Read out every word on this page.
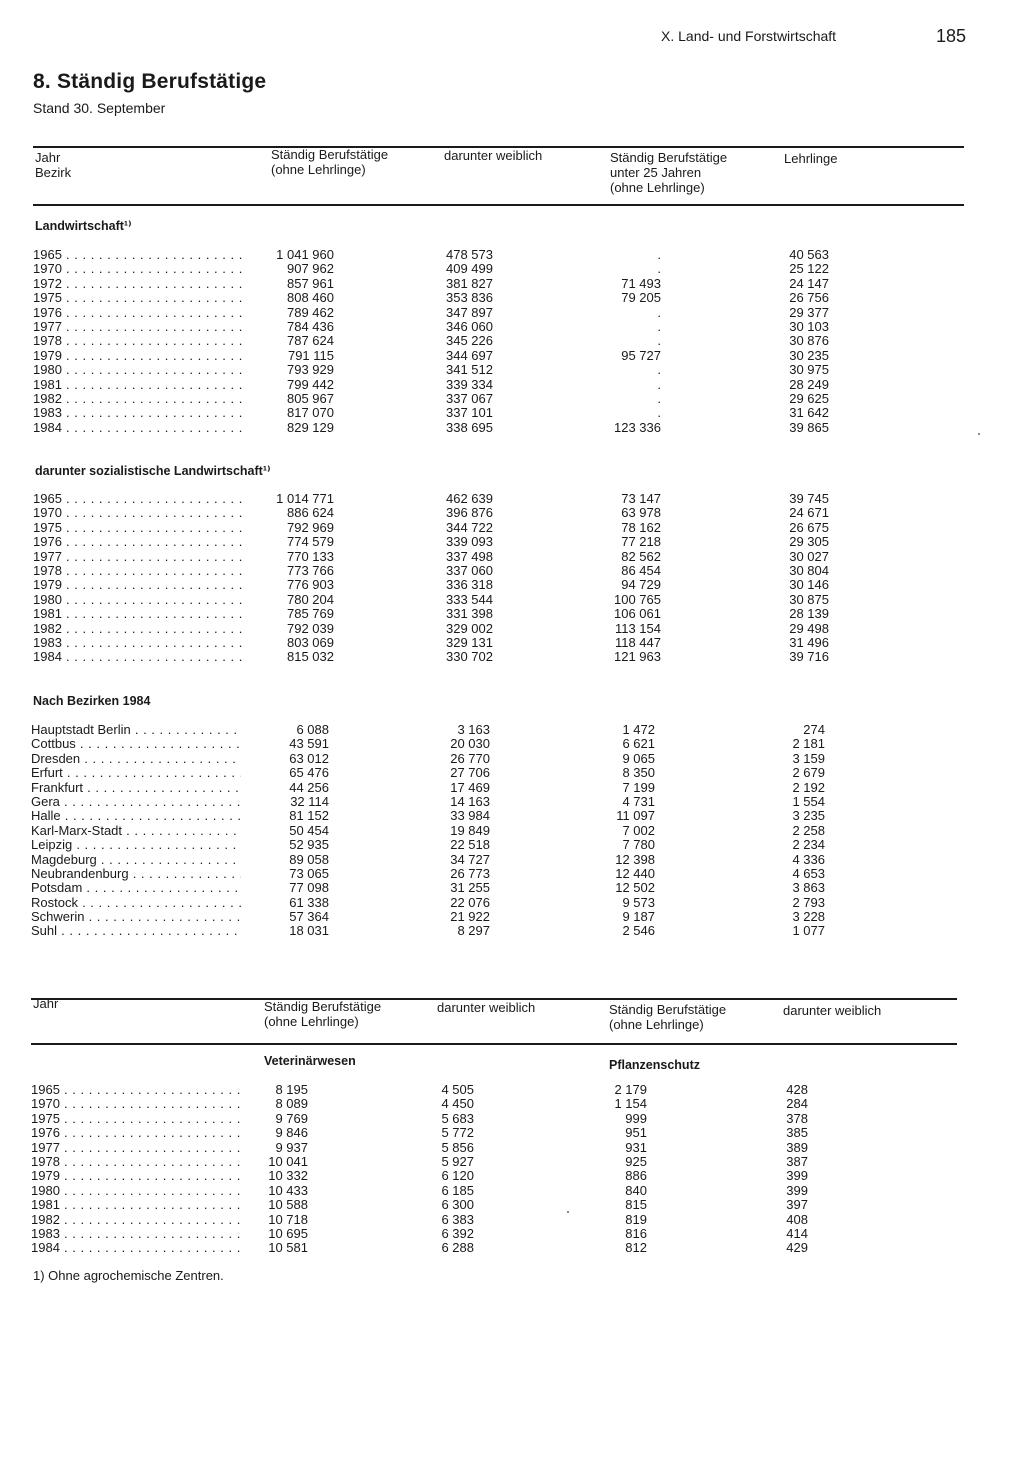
X. Land- und Forstwirtschaft	185
8. Ständig Berufstätige
Stand 30. September
Jahr
Bezirk
Ständig Berufstätige
(ohne Lehrlinge)
darunter weiblich	Ständig Berufstätige
unter 25 Jahren
(ohne Lehrlinge)
Lehrlinge
Landwirtschaft¹⁾
1965 . . .	1 041 960	478 573	.	40 563
1970 . . .	907 962	409 499	.	25 122
1972 . . .	857 961	381 827	71 493	24 147
1975 . . .	808 460	353 836	79 205	26 756
1976 . . .	789 462	347 897	.	29 377
1977 . . .	784 436	346 060	.	30 103
1978 . . .	787 624	345 226	.	30 876
1979 . . .	791 115	344 697	95 727	30 235
1980 . . .	793 929	341 512	.	30 975
1981 . . .	799 442	339 334	.	28 249
1982 . . .	805 967	337 067	.	29 625
1983 . . .	817 070	337 101	.	31 642
1984 . . .	829 129	338 695	123 336	39 865
darunter sozialistische Landwirtschaft¹⁾
1965 . . .	1 014 771	462 639	73 147	39 745
1970 . . .	886 624	396 876	63 978	24 671
1975 . . .	792 969	344 722	78 162	26 675
1976 . . .	774 579	339 093	77 218	29 305
1977 . . .	770 133	337 498	82 562	30 027
1978 . . .	773 766	337 060	86 454	30 804
1979 . . .	776 903	336 318	94 729	30 146
1980 . . .	780 204	333 544	100 765	30 875
1981 . . .	785 769	331 398	106 061	28 139
1982 . . .	792 039	329 002	113 154	29 498
1983 . . .	803 069	329 131	118 447	31 496
1984 . . .	815 032	330 702	121 963	39 716
Nach Bezirken 1984
Hauptstadt Berlin . . .	6 088	3 163	1 472	274
Cottbus . . .	43 591	20 030	6 621	2 181
Dresden . . .	63 012	26 770	9 065	3 159
Erfurt . . .	65 476	27 706	8 350	2 679
Frankfurt . . .	44 256	17 469	7 199	2 192
Gera . . .	32 114	14 163	4 731	1 554
Halle . . .	81 152	33 984	11 097	3 235
Karl-Marx-Stadt . . .	50 454	19 849	7 002	2 258
Leipzig . . .	52 935	22 518	7 780	2 234
Magdeburg . . .	89 058	34 727	12 398	4 336
Neubrandenburg . . .	73 065	26 773	12 440	4 653
Potsdam . . .	77 098	31 255	12 502	3 863
Rostock . . .	61 338	22 076	9 573	2 793
Schwerin . . .	57 364	21 922	9 187	3 228
Suhl . . .	18 031	8 297	2 546	1 077
Jahr	Ständig Berufstätige
(ohne Lehrlinge)
darunter weiblich	Ständig Berufstätige
(ohne Lehrlinge)
darunter weiblich
Veterinärwesen	Pflanzenschutz
1965 . . .	8 195	4 505	2 179	428
1970 . . .	8 089	4 450	1 154	284
1975 . . .	9 769	5 683	999	378
1976 . . .	9 846	5 772	951	385
1977 . . .	9 937	5 856	931	389
1978 . . .	10 041	5 927	925	387
1979 . . .	10 332	6 120	886	399
1980 . . .	10 433	6 185	840	399
1981 . . .	10 588	6 300	815	397
1982 . . .	10 718	6 383	819	408
1983 . . .	10 695	6 392	816	414
1984 . . .	10 581	6 288	812	429
1) Ohne agrochemische Zentren.
